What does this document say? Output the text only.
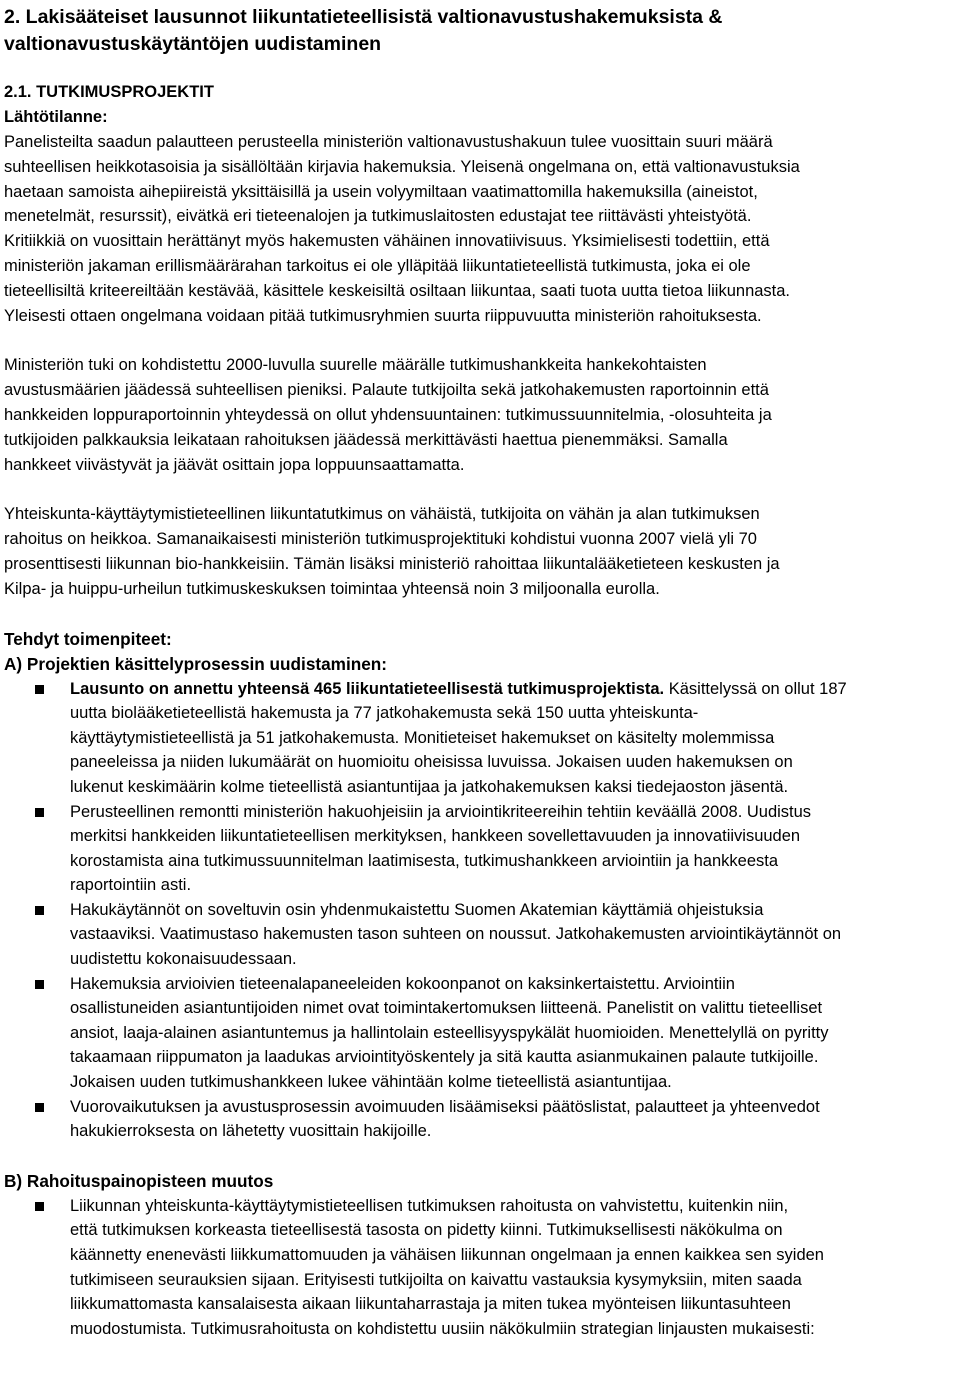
2. Lakisääteiset lausunnot liikuntatieteellisistä valtionavustushakemuksista &
valtionavustuskäytäntöjen uudistaminen
2.1. TUTKIMUSPROJEKTIT
Lähtötilanne:

Panelisteilta saadun palautteen perusteella ministeriön valtionavustushakuun tulee vuosittain suuri määrä
suhteellisen heikkotasoisia ja sisällöltään kirjavia hakemuksia. Yleisenä ongelmana on, että valtionavustuksia
haetaan samoista aihepiireistä yksittäisillä ja usein volyymiltaan vaatimattomilla hakemuksilla (aineistot,
menetelmät, resurssit), eivätkä eri tieteenalojen ja tutkimuslaitosten edustajat tee riittävästi yhteistyötä.
Kritiikkiä on vuosittain herättänyt myös hakemusten vähäinen innovatiivisuus. Yksimielisesti todettiin, että
ministeriön jakaman erillismäärärahan tarkoitus ei ole ylläpitää liikuntatieteellistä tutkimusta, joka ei ole
tieteellisiltä kriteereiltään kestävää, käsittele keskeisiltä osiltaan liikuntaa, saati tuota uutta tietoa liikunnasta.
Yleisesti ottaen ongelmana voidaan pitää tutkimusryhmien suurta riippuvuutta ministeriön rahoituksesta.

Ministeriön tuki on kohdistettu 2000-luvulla suurelle määrälle tutkimushankkeita hankekohtaisten
avustusmäärien jäädessä suhteellisen pieniksi. Palaute tutkijoilta sekä jatkohakemusten raportoinnin että
hankkeiden loppuraportoinnin yhteydessä on ollut yhdensuuntainen: tutkimussuunnitelmia, -olosuhteita ja
tutkijoiden palkkauksia leikataan rahoituksen jäädessä merkittävästi haettua pienemmäksi. Samalla
hankkeet viivästyvät ja jäävät osittain jopa loppuunsaattamatta.

Yhteiskunta-käyttäytymistieteellinen liikuntatutkimus on vähäistä, tutkijoita on vähän ja alan tutkimuksen
rahoitus on heikkoa. Samanaikaisesti ministeriön tutkimusprojektituki kohdistui vuonna 2007 vielä yli 70
prosenttisesti liikunnan bio-hankkeisiin. Tämän lisäksi ministeriö rahoittaa liikuntalääketieteen keskusten ja
Kilpa- ja huippu-urheilun tutkimuskeskuksen toimintaa yhteensä noin 3 miljoonalla eurolla.

Tehdyt toimenpiteet:
A) Projektien käsittelyprosessin uudistaminen:
Lausunto on annettu yhteensä 465 liikuntatieteellisestä tutkimusprojektista. Käsittelyssä on ollut 187
uutta biolääketieteellistä hakemusta ja 77 jatkohakemusta sekä 150 uutta yhteiskunta-
käyttäytymistieteellistä ja 51 jatkohakemusta. Monitieteiset hakemukset on käsitelty molemmissa
paneeleissa ja niiden lukumäärät on huomioitu oheisissa luvuissa. Jokaisen uuden hakemuksen on
lukenut keskimäärin kolme tieteellistä asiantuntijaa ja jatkohakemuksen kaksi tiedejaoston jäsentä.
Perusteellinen remontti ministeriön hakuohjeisiin ja arviointikriteereihin tehtiin keväällä 2008. Uudistus
merkitsi hankkeiden liikuntatieteellisen merkityksen, hankkeen sovellettavuuden ja innovatiivisuuden
korostamista aina tutkimussuunnitelman laatimisesta, tutkimushankkeen arviointiin ja hankkeesta
raportointiin asti.
Hakukäytännöt on soveltuvin osin yhdenmukaistettu Suomen Akatemian käyttämiä ohjeistuksia
vastaaviksi. Vaatimustaso hakemusten tason suhteen on noussut. Jatkohakemusten arviointikäytännöt on
uudistettu kokonaisuudessaan.
Hakemuksia arvioivien tieteenalapaneeleiden kokoonpanot on kaksinkertaistettu. Arviointiin
osallistuneiden asiantuntijoiden nimet ovat toimintakertomuksen liitteenä. Panelistit on valittu tieteelliset
ansiot, laaja-alainen asiantuntemus ja hallintolain esteellisyyspykälät huomioiden. Menettelyllä on pyritty
takaamaan riippumaton ja laadukas arviointityöskentely ja sitä kautta asianmukainen palaute tutkijoille.
Jokaisen uuden tutkimushankkeen lukee vähintään kolme tieteellistä asiantuntijaa.
Vuorovaikutuksen ja avustusprosessin avoimuuden lisäämiseksi päätöslistat, palautteet ja yhteenvedot
hakukierroksesta on lähetetty vuosittain hakijoille.
B) Rahoituspainopisteen muutos
Liikunnan yhteiskunta-käyttäytymistieteellisen tutkimuksen rahoitusta on vahvistettu, kuitenkin niin,
että tutkimuksen korkeasta tieteellisestä tasosta on pidetty kiinni. Tutkimuksellisesti näkökulma on
käännetty enenevästi liikkumattomuuden ja vähäisen liikunnan ongelmaan ja ennen kaikkea sen syiden
tutkimiseen seurauksien sijaan. Erityisesti tutkijoilta on kaivattu vastauksia kysymyksiin, miten saada
liikkumattomasta kansalaisesta aikaan liikuntaharrastaja ja miten tukea myönteisen liikuntasuhteen
muodostumista. Tutkimusrahoitusta on kohdistettu uusiin näkökulmiin strategian linjausten mukaisesti:
